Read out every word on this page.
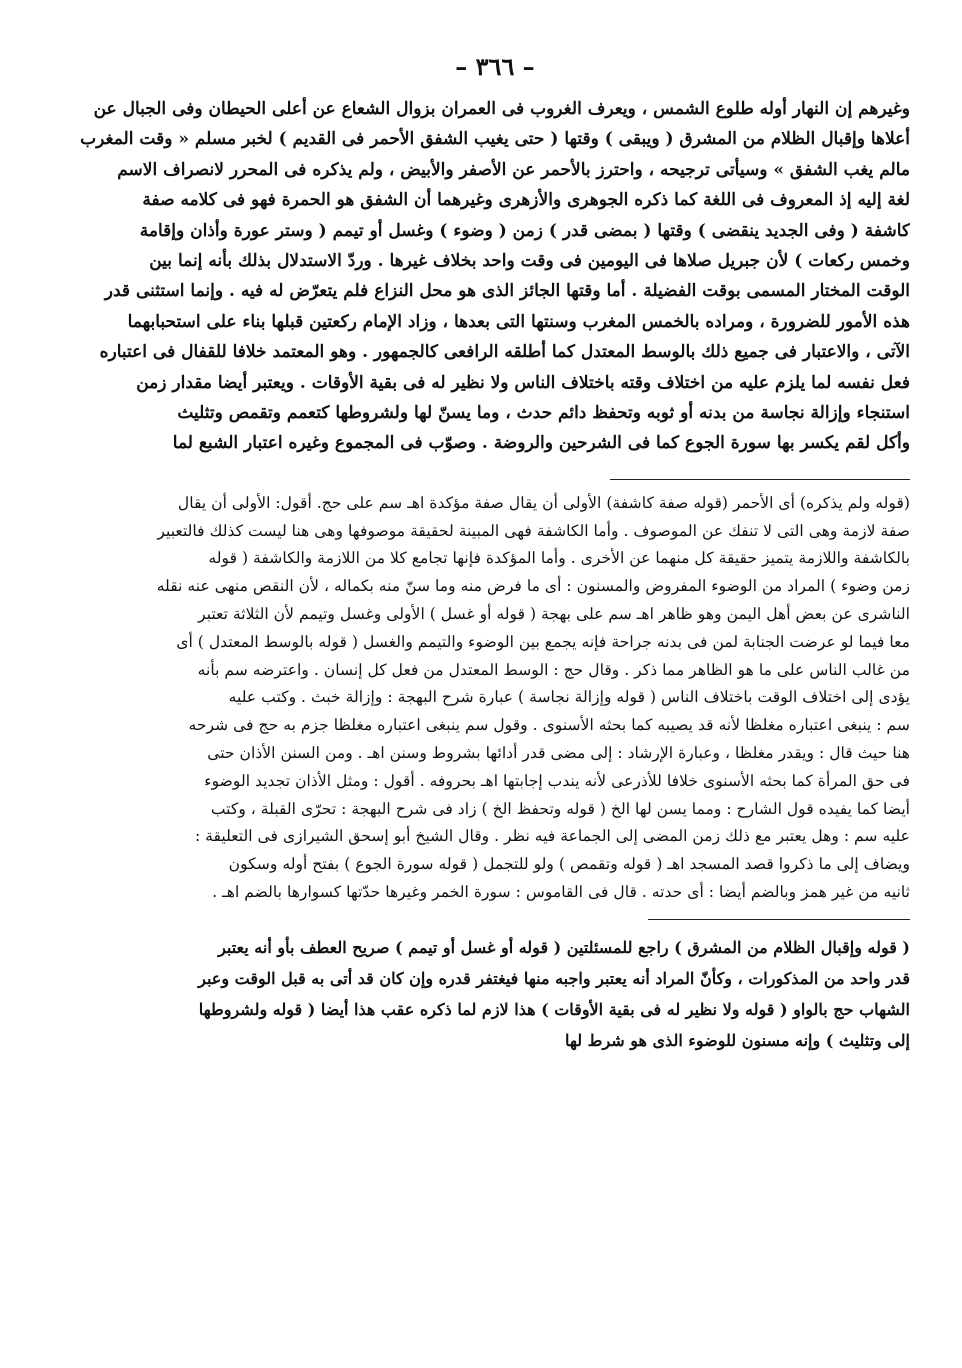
– ٣٦٦ –
وغيرهم إن النهار أوله طلوع الشمس ، ويعرف الغروب فى العمران بزوال الشعاع عن أعلى الحيطان وفى الجبال عن
أعلاها وإقبال الظلام من المشرق ( ويبقى ) وقتها ( حتى يغيب الشفق الأحمر فى القديم ) لخبر مسلم « وقت المغرب
مالم يغب الشفق » وسيأتى ترجيحه ، واحترز بالأحمر عن الأصفر والأبيض ، ولم يذكره فى المحرر لانصراف الاسم
لغة إليه إذ المعروف فى اللغة كما ذكره الجوهرى والأزهرى وغيرهما أن الشفق هو الحمرة فهو فى كلامه صفة
كاشفة ( وفى الجديد ينقضى ) وقتها ( بمضى قدر ) زمن ( وضوء ) وغسل أو تيمم ( وستر عورة وأذان وإقامة
وخمس ركعات ) لأن جبريل صلاها فى اليومين فى وقت واحد بخلاف غيرها . وردّ الاستدلال بذلك بأنه إنما بين
الوقت المختار المسمى بوقت الفضيلة . أما وقتها الجائز الذى هو محل النزاع فلم يتعرّض له فيه . وإنما استثنى قدر
هذه الأمور للضرورة ، ومراده بالخمس المغرب وسنتها التى بعدها ، وزاد الإمام ركعتين قبلها بناء على استحبابهما
الآتى ، والاعتبار فى جميع ذلك بالوسط المعتدل كما أطلقه الرافعى كالجمهور . وهو المعتمد خلافا للقفال فى اعتباره
فعل نفسه لما يلزم عليه من اختلاف وقته باختلاف الناس ولا نظير له فى بقية الأوقات . ويعتبر أيضا مقدار زمن
استنجاء وإزالة نجاسة من بدنه أو ثوبه وتحفظ دائم حدث ، وما يسنّ لها ولشروطها كتعمم وتقمص وتثليث
وأكل لقم يكسر بها سورة الجوع كما فى الشرحين والروضة . وصوّب فى المجموع وغيره اعتبار الشبع لما
(قوله ولم يذكره) أى الأحمر (قوله صفة كاشفة) الأولى أن يقال صفة مؤكدة اهـ سم على حج. أقول: الأولى أن يقال
صفة لازمة وهى التى لا تنفك عن الموصوف . وأما الكاشفة فهى المبينة لحقيقة موصوفها وهى هنا ليست كذلك فالتعبير
بالكاشفة واللازمة يتميز حقيقة كل منهما عن الأخرى . وأما المؤكدة فإنها تجامع كلا من اللازمة والكاشفة ( قوله
زمن وضوء ) المراد من الوضوء المفروض والمسنون : أى ما فرض منه وما سنّ منه بكماله ، لأن النقص منهى عنه نقله
الناشرى عن بعض أهل اليمن وهو ظاهر اهـ سم على بهجة ( قوله أو غسل ) الأولى وغسل وتيمم لأن الثلاثة تعتبر
معا فيما لو عرضت الجنابة لمن فى بدنه جراحة فإنه يجمع بين الوضوء والتيمم والغسل ( قوله بالوسط المعتدل ) أى
من غالب الناس على ما هو الظاهر مما ذكر . وقال حج : الوسط المعتدل من فعل كل إنسان . واعترضه سم بأنه
يؤدى إلى اختلاف الوقت باختلاف الناس ( قوله وإزالة نجاسة ) عبارة شرح البهجة : وإزالة خبث . وكتب عليه
سم : ينبغى اعتباره مغلظا لأنه قد يصيبه كما بحثه الأسنوى . وقول سم ينبغى اعتباره مغلظا جزم به حج فى شرحه
هنا حيث قال : ويقدر مغلظا ، وعبارة الإرشاد : إلى مضى قدر أدائها بشروط وسنن اهـ . ومن السنن الأذان حتى
فى حق المرأة كما بحثه الأسنوى خلافا للأذرعى لأنه يندب إجابتها اهـ بحروفه . أقول : ومثل الأذان تجديد الوضوء
أيضا كما يفيده قول الشارح : ومما يسن لها الخ ( قوله وتحفظ الخ ) زاد فى شرح البهجة : تحرّى القبلة ، وكتب
عليه سم : وهل يعتبر مع ذلك زمن المضى إلى الجماعة فيه نظر . وقال الشيخ أبو إسحق الشيرازى فى التعليقة :
ويضاف إلى ما ذكروا قصد المسجد اهـ ( قوله وتقمص ) ولو للتجمل ( قوله سورة الجوع ) بفتح أوله وسكون
ثانيه من غير همز وبالضم أيضا : أى حدته . قال فى القاموس : سورة الخمر وغيرها حدّتها كسوارها بالضم اهـ .
( قوله وإقبال الظلام من المشرق ) راجع للمسئلتين ( قوله أو غسل أو تيمم ) صريح العطف بأو أنه يعتبر
قدر واحد من المذكورات ، وكأنّ المراد أنه يعتبر واجبه منها فيغتفر قدره وإن كان قد أتى به قبل الوقت وعبر
الشهاب حج بالواو ( قوله ولا نظير له فى بقية الأوقات ) هذا لازم لما ذكره عقب هذا أيضا ( قوله ولشروطها
إلى وتثليث ) وإنه مسنون للوضوء الذى هو شرط لها
